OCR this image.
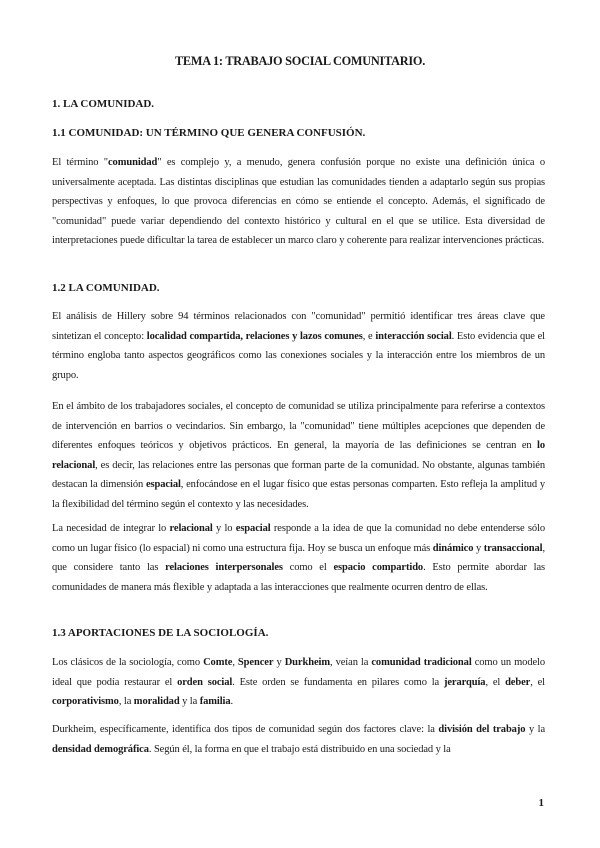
TEMA 1: TRABAJO SOCIAL COMUNITARIO.
1. LA COMUNIDAD.
1.1 COMUNIDAD: UN TÉRMINO QUE GENERA CONFUSIÓN.

El término "comunidad" es complejo y, a menudo, genera confusión porque no existe una definición única o universalmente aceptada. Las distintas disciplinas que estudian las comunidades tienden a adaptarlo según sus propias perspectivas y enfoques, lo que provoca diferencias en cómo se entiende el concepto. Además, el significado de "comunidad" puede variar dependiendo del contexto histórico y cultural en el que se utilice. Esta diversidad de interpretaciones puede dificultar la tarea de establecer un marco claro y coherente para realizar intervenciones prácticas.

1.2 LA COMUNIDAD.

El análisis de Hillery sobre 94 términos relacionados con "comunidad" permitió identificar tres áreas clave que sintetizan el concepto: localidad compartida, relaciones y lazos comunes, e interacción social. Esto evidencia que el término engloba tanto aspectos geográficos como las conexiones sociales y la interacción entre los miembros de un grupo.

En el ámbito de los trabajadores sociales, el concepto de comunidad se utiliza principalmente para referirse a contextos de intervención en barrios o vecindarios. Sin embargo, la "comunidad" tiene múltiples acepciones que dependen de diferentes enfoques teóricos y objetivos prácticos. En general, la mayoría de las definiciones se centran en lo relacional, es decir, las relaciones entre las personas que forman parte de la comunidad. No obstante, algunas también destacan la dimensión espacial, enfocándose en el lugar físico que estas personas comparten. Esto refleja la amplitud y la flexibilidad del término según el contexto y las necesidades.

La necesidad de integrar lo relacional y lo espacial responde a la idea de que la comunidad no debe entenderse sólo como un lugar físico (lo espacial) ni como una estructura fija. Hoy se busca un enfoque más dinámico y transaccional, que considere tanto las relaciones interpersonales como el espacio compartido. Esto permite abordar las comunidades de manera más flexible y adaptada a las interacciones que realmente ocurren dentro de ellas.

1.3 APORTACIONES DE LA SOCIOLOGÍA.

Los clásicos de la sociología, como Comte, Spencer y Durkheim, veían la comunidad tradicional como un modelo ideal que podía restaurar el orden social. Este orden se fundamenta en pilares como la jerarquía, el deber, el corporativismo, la moralidad y la familia.

Durkheim, específicamente, identifica dos tipos de comunidad según dos factores clave: la división del trabajo y la densidad demográfica. Según él, la forma en que el trabajo está distribuido en una sociedad y la

1
